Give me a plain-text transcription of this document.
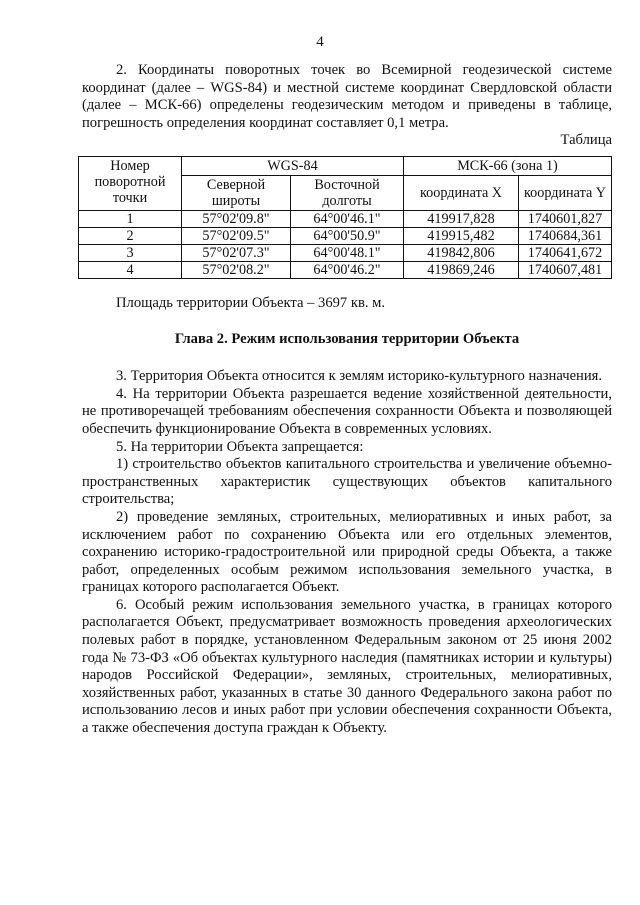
4

2. Координаты поворотных точек во Всемирной геодезической системе координат (далее – WGS-84) и местной системе координат Свердловской области (далее – МСК-66) определены геодезическим методом и приведены в таблице, погрешность определения координат составляет 0,1 метра.

Таблица

Номер поворотной точки	WGS-84		МСК-66 (зона 1)	
	Северной широты	Восточной долготы	координата X	координата Y
1	57°02'09.8"	64°00'46.1"	419917,828	1740601,827
2	57°02'09.5"	64°00'50.9"	419915,482	1740684,361
3	57°02'07.3"	64°00'48.1"	419842,806	1740641,672
4	57°02'08.2"	64°00'46.2"	419869,246	1740607,481

Площадь территории Объекта – 3697 кв. м.

Глава 2. Режим использования территории Объекта

3. Территория Объекта относится к землям историко-культурного назначения.

4. На территории Объекта разрешается ведение хозяйственной деятельности, не противоречащей требованиям обеспечения сохранности Объекта и позволяющей обеспечить функционирование Объекта в современных условиях.

5. На территории Объекта запрещается:

1) строительство объектов капитального строительства и увеличение объемно-пространственных характеристик существующих объектов капитального строительства;

2) проведение земляных, строительных, мелиоративных и иных работ, за исключением работ по сохранению Объекта или его отдельных элементов, сохранению историко-градостроительной или природной среды Объекта, а также работ, определенных особым режимом использования земельного участка, в границах которого располагается Объект.

6. Особый режим использования земельного участка, в границах которого располагается Объект, предусматривает возможность проведения археологических полевых работ в порядке, установленном Федеральным законом от 25 июня 2002 года № 73-ФЗ «Об объектах культурного наследия (памятниках истории и культуры) народов Российской Федерации», земляных, строительных, мелиоративных, хозяйственных работ, указанных в статье 30 данного Федерального закона работ по использованию лесов и иных работ при условии обеспечения сохранности Объекта, а также обеспечения доступа граждан к Объекту.
